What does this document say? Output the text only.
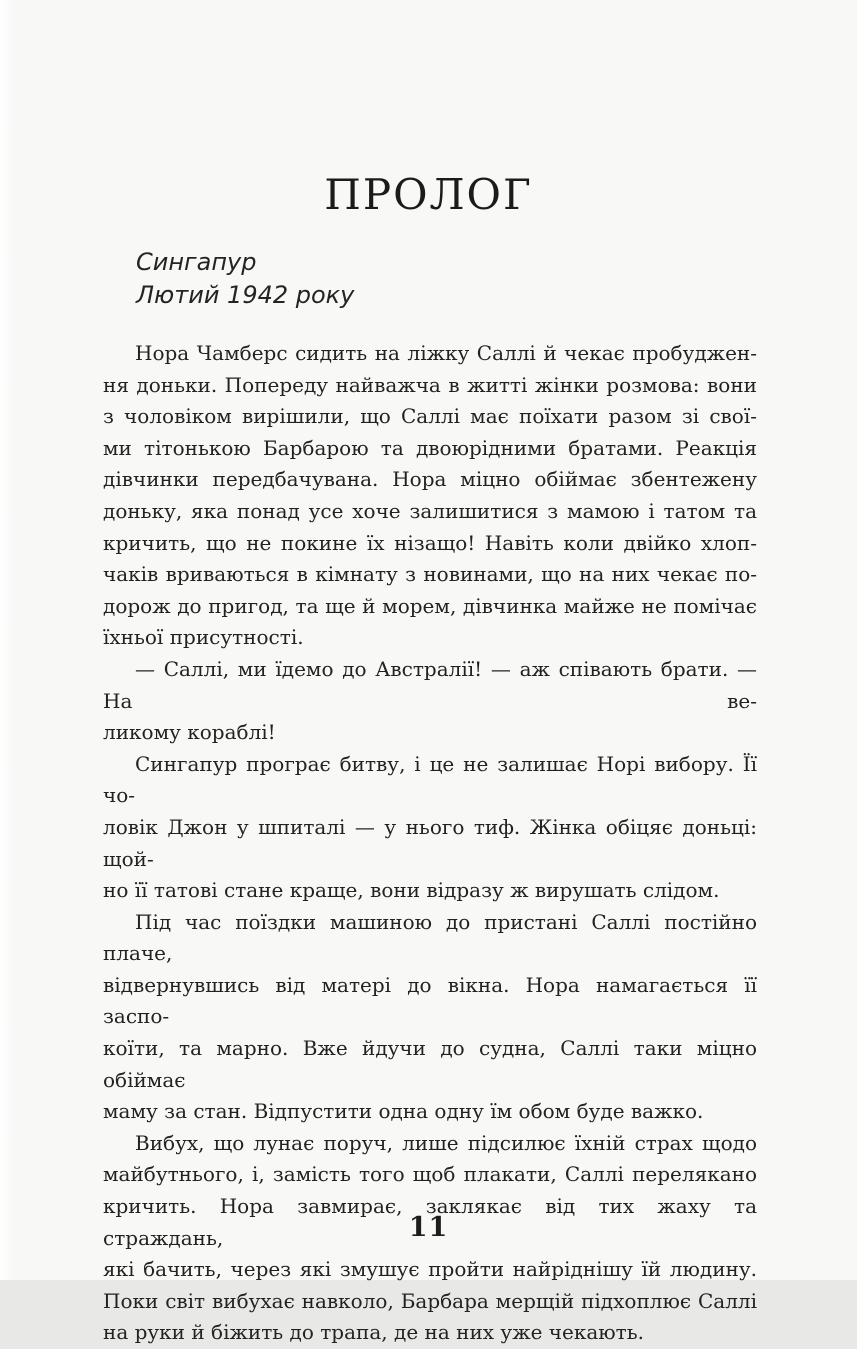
ПРОЛОГ
Сингапур
Лютий 1942 року
Нора Чамберс сидить на ліжку Саллі й чекає пробуджен-
ня доньки. Попереду найважча в житті жінки розмова: вони
з чоловіком вирішили, що Саллі має поїхати разом зі свої-
ми тітонькою Барбарою та двоюрідними братами. Реакція
дівчинки передбачувана. Нора міцно обіймає збентежену
доньку, яка понад усе хоче залишитися з мамою і татом та
кричить, що не покине їх нізащо! Навіть коли двійко хлоп-
чаків вриваються в кімнату з новинами, що на них чекає по-
дорож до пригод, та ще й морем, дівчинка майже не помічає
їхньої присутності.
— Саллі, ми їдемо до Австралії! — аж співають брати. — На ве-
ликому кораблі!
Сингапур програє битву, і це не залишає Норі вибору. Її чо-
ловік Джон у шпиталі — у нього тиф. Жінка обіцяє доньці: щой-
но її татові стане краще, вони відразу ж вирушать слідом.
Під час поїздки машиною до пристані Саллі постійно плаче,
відвернувшись від матері до вікна. Нора намагається її заспо-
коїти, та марно. Вже йдучи до судна, Саллі таки міцно обіймає
маму за стан. Відпустити одна одну їм обом буде важко.
Вибух, що лунає поруч, лише підсилює їхній страх щодо
майбутнього, і, замість того щоб плакати, Саллі перелякано
кричить. Нора завмирає, заклякає від тих жаху та страждань,
які бачить, через які змушує пройти найріднішу їй людину.
Поки світ вибухає навколо, Барбара мерщій підхоплює Саллі
на руки й біжить до трапа, де на них уже чекають.
11
